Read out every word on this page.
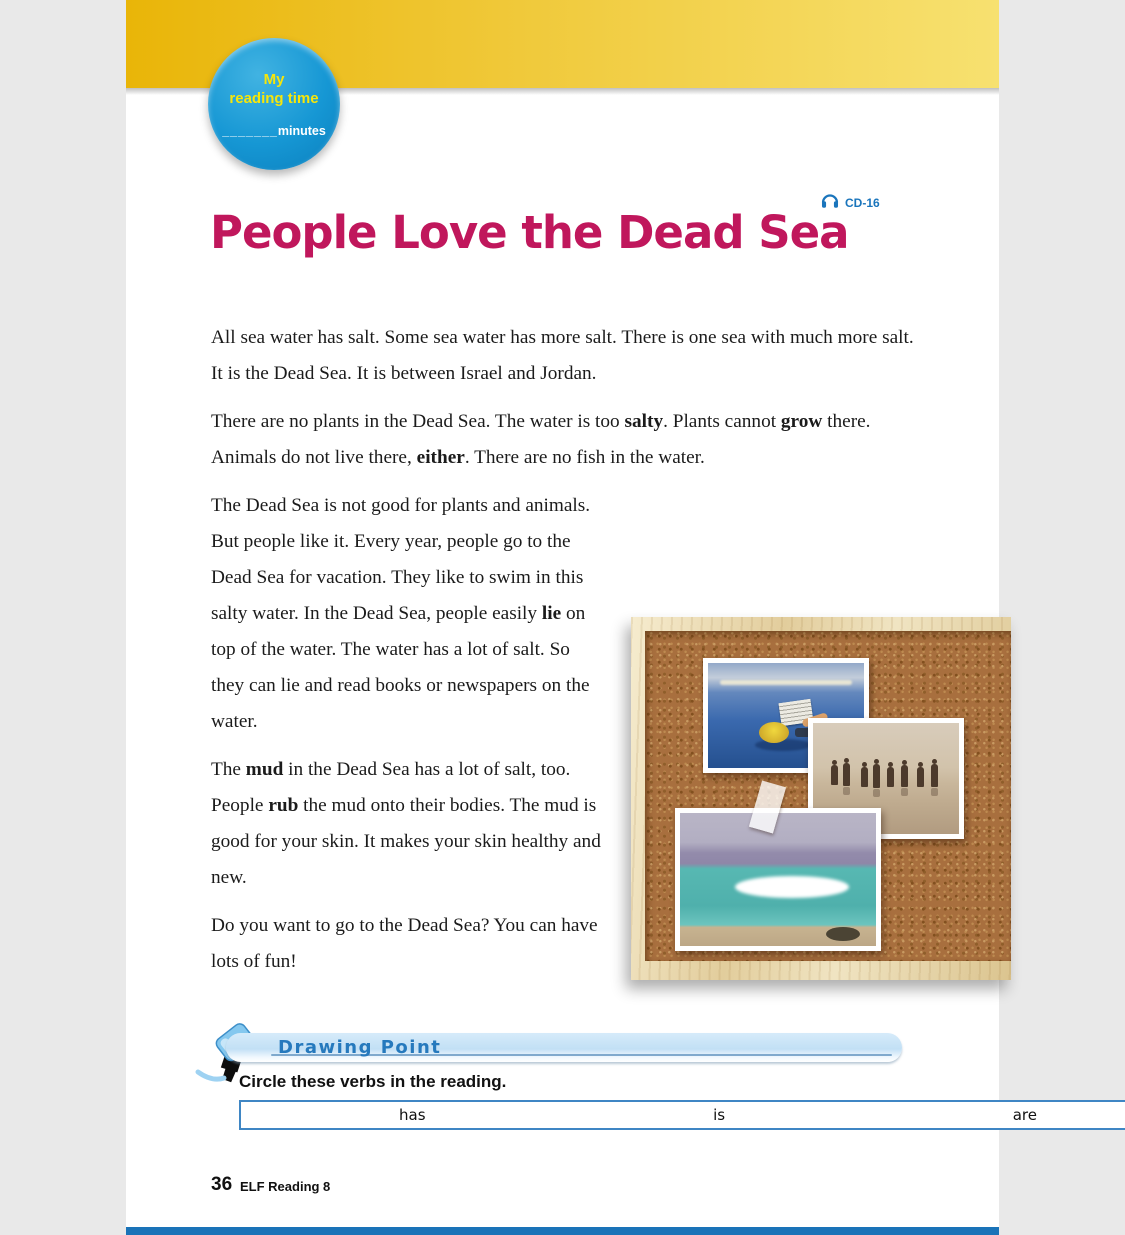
My
reading time
_______minutes
CD-16
People Love the Dead Sea

All sea water has salt. Some sea water has more salt. There is one sea with much more salt. It is the Dead Sea. It is between Israel and Jordan.

There are no plants in the Dead Sea. The water is too salty. Plants cannot grow there. Animals do not live there, either. There are no fish in the water.

The Dead Sea is not good for plants and animals. But people like it. Every year, people go to the Dead Sea for vacation. They like to swim in this salty water. In the Dead Sea, people easily lie on top of the water. The water has a lot of salt. So they can lie and read books or newspapers on the water.

The mud in the Dead Sea has a lot of salt, too. People rub the mud onto their bodies. The mud is good for your skin. It makes your skin healthy and new.

Do you want to go to the Dead Sea? You can have lots of fun!

Drawing Point
Circle these verbs in the reading.
has	is	are
36 ELF Reading 8
